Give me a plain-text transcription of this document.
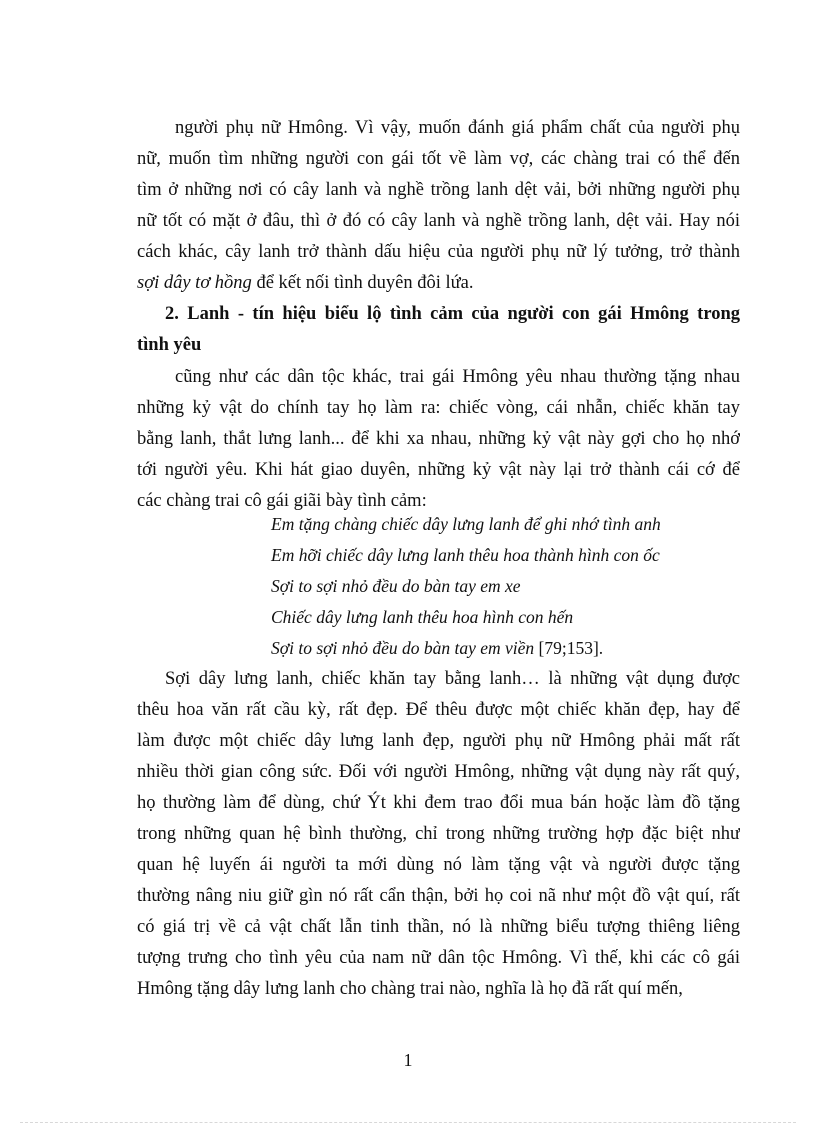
người phụ nữ Hmông. Vì vậy, muốn đánh giá phẩm chất của người phụ

nữ, muốn tìm những người con gái tốt về làm vợ, các chàng trai có thể đến

tìm ở những nơi có cây lanh và nghề trồng lanh dệt vải, bởi những người phụ

nữ tốt có mặt ở đâu, thì ở đó có cây lanh và nghề trồng lanh, dệt vải. Hay nói

cách khác, cây lanh trở thành dấu hiệu của người phụ nữ lý tưởng, trở thành

sợi dây tơ hồng để kết nối tình duyên đôi lứa.

2. Lanh - tín hiệu biểu lộ tình cảm của người con gái Hmông trong

tình yêu

cũng như các dân tộc khác, trai gái Hmông yêu nhau thường tặng nhau

những kỷ vật do chính tay họ làm ra: chiếc vòng, cái nhẫn, chiếc khăn tay

bằng lanh, thắt lưng lanh... để khi xa nhau, những kỷ vật này gợi cho họ nhớ

tới người yêu. Khi hát giao duyên, những kỷ vật này lại trở thành cái cớ để

các chàng trai cô gái giãi bày tình cảm:

Em tặng chàng chiếc dây lưng lanh để ghi nhớ tình anh

Em hỡi chiếc dây lưng lanh thêu hoa thành hình con ốc

Sợi to sợi nhỏ đều do bàn tay em xe

Chiếc dây lưng lanh thêu hoa hình con hến

Sợi to sợi nhỏ đều do bàn tay em viền [79;153].

Sợi dây lưng lanh, chiếc khăn tay bằng lanh… là những vật dụng được

thêu hoa văn rất cầu kỳ, rất đẹp. Để thêu được một chiếc khăn đẹp, hay để

làm được một chiếc dây lưng lanh đẹp, người phụ nữ Hmông phải mất rất

nhiều thời gian công sức. Đối với người Hmông, những vật dụng này rất quý,

họ thường làm để dùng, chứ Ýt khi đem trao đổi mua bán hoặc làm đồ tặng

trong những quan hệ bình thường, chỉ trong những trường hợp đặc biệt như

quan hệ luyến ái người ta mới dùng nó làm tặng vật và người được tặng

thường nâng niu giữ gìn nó rất cẩn thận, bởi họ coi nã như một đồ vật quí, rất

có giá trị về cả vật chất lẫn tinh thần, nó là những biểu tượng thiêng liêng

tượng trưng cho tình yêu của nam nữ dân tộc Hmông. Vì thế, khi các cô gái

Hmông tặng dây lưng lanh cho chàng trai nào, nghĩa là họ đã rất quí mến,

1
